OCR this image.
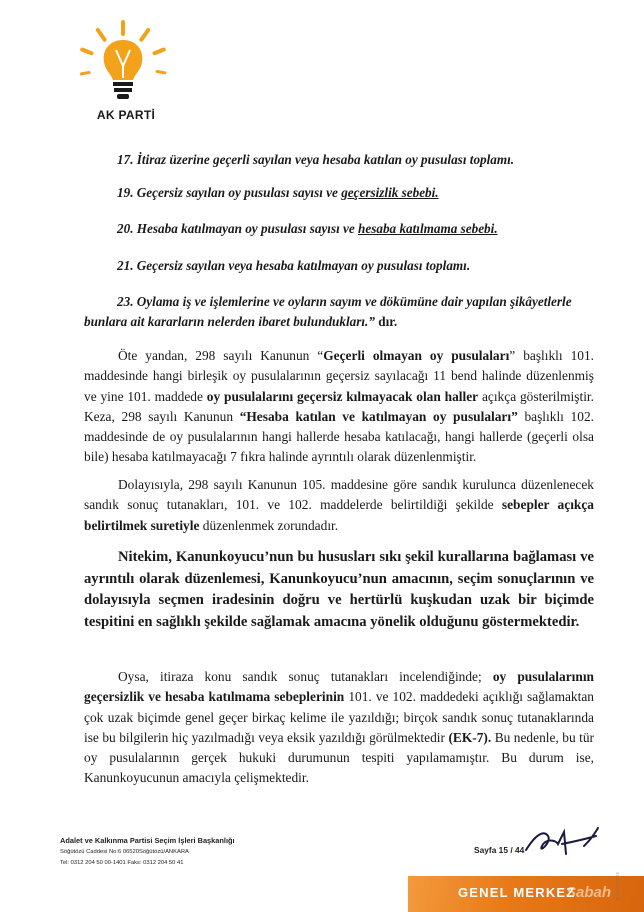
AK PARTİ
17. İtiraz üzerine geçerli sayılan veya hesaba katılan oy pusulası toplamı.
19. Geçersiz sayılan oy pusulası sayısı ve geçersizlik sebebi.
20. Hesaba katılmayan oy pusulası sayısı ve hesaba katılmama sebebi.
21. Geçersiz sayılan veya hesaba katılmayan oy pusulası toplamı.
23. Oylama iş ve işlemlerine ve oyların sayım ve dökümüne dair yapılan şikâyetlerle bunlara ait kararların nelerden ibaret bulundukları.” dır.
Öte yandan, 298 sayılı Kanunun “Geçerli olmayan oy pusulaları” başlıklı 101. maddesinde hangi birleşik oy pusulalarının geçersiz sayılacağı 11 bend halinde düzenlenmiş ve yine 101. maddede oy pusulalarını geçersiz kılmayacak olan haller açıkça gösterilmiştir. Keza, 298 sayılı Kanunun “Hesaba katılan ve katılmayan oy pusulaları” başlıklı 102. maddesinde de oy pusulalarının hangi hallerde hesaba katılacağı, hangi hallerde (geçerli olsa bile) hesaba katılmayacağı 7 fıkra halinde ayrıntılı olarak düzenlenmiştir.
Dolayısıyla, 298 sayılı Kanunun 105. maddesine göre sandık kurulunca düzenlenecek sandık sonuç tutanakları, 101. ve 102. maddelerde belirtildiği şekilde sebepler açıkça belirtilmek suretiyle düzenlenmek zorundadır.
Nitekim, Kanunkoyucu’nun bu hususları sıkı şekil kurallarına bağlaması ve ayrıntılı olarak düzenlemesi, Kanunkoyucu’nun amacının, seçim sonuçlarının ve dolayısıyla seçmen iradesinin doğru ve hertürlü kuşkudan uzak bir biçimde tespitini en sağlıklı şekilde sağlamak amacına yönelik olduğunu göstermektedir.
Oysa, itiraza konu sandık sonuç tutanakları incelendiğinde; oy pusulalarının geçersizlik ve hesaba katılmama sebeplerinin 101. ve 102. maddedeki açıklığı sağlamaktan çok uzak biçimde genel geçer birkaç kelime ile yazıldığı; birçok sandık sonuç tutanaklarında ise bu bilgilerin hiç yazılmadığı veya eksik yazıldığı görülmektedir (EK-7). Bu nedenle, bu tür oy pusulalarının gerçek hukuki durumunun tespiti yapılamamıştır. Bu durum ise, Kanunkoyucunun amacıyla çelişmektedir.
Adalet ve Kalkınma Partisi Seçim İşleri Başkanlığı
Söğütözü Caddesi No:6 06520Söğütözü/ANKARA
Tel: 0312 204 50 00-1401 Faks: 0312 204 50 41
Sayfa 15 / 44
GENEL MERKEZ
Sabah sabah.com.tr
